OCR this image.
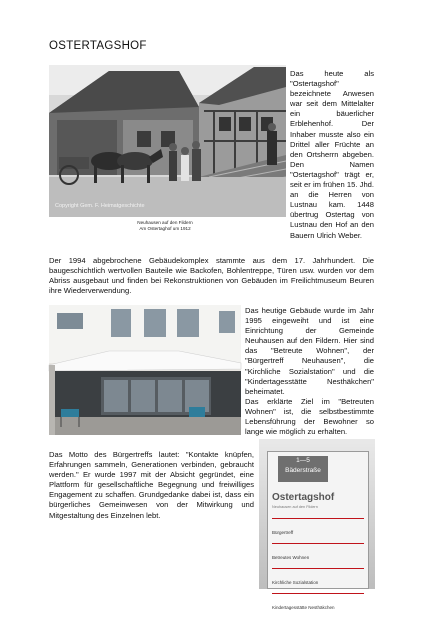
OSTERTAGSHOF
Copyright Gem. F. Heimatgeschichte
Neuhausen auf den Fildern
Am Ostertaghof um 1912

Das heute als "Ostertagshof" bezeichnete Anwesen war seit dem Mittelalter ein bäuerlicher Erblehenhof. Der Inhaber musste also ein Drittel aller Früchte an den Ortsherrn abgeben. Den Namen "Ostertagshof" trägt er, seit er im frühen 15. Jhd. an die Herren von Lustnau kam. 1448 übertrug Ostertag von Lustnau den Hof an den Bauern Ulrich Weber.

Der 1994 abgebrochene Gebäudekomplex stammte aus dem 17. Jahrhundert. Die baugeschichtlich wertvollen Bauteile wie Backofen, Bohlentreppe, Türen usw. wurden vor dem Abriss ausgebaut und finden bei Rekonstruktionen von Gebäuden im Freilichtmuseum Beuren ihre Wiederverwendung.

Das heutige Gebäude wurde im Jahr 1995 eingeweiht und ist eine Einrichtung der Gemeinde Neuhausen auf den Fildern. Hier sind das "Betreute Wohnen", der "Bürgertreff Neuhausen", die "Kirchliche Sozialstation" und die "Kindertagesstätte Nesthäkchen" beheimatet.

Das erklärte Ziel im "Betreuten Wohnen" ist, die selbstbestimmte Lebensführung der Bewohner so lange wie möglich zu erhalten.

Das Motto des Bürgertreffs lautet: "Kontakte knüpfen, Erfahrungen sammeln, Generationen verbinden, gebraucht werden." Er wurde 1997 mit der Absicht gegründet, eine Plattform für gesellschaftliche Begegnung und freiwilliges Engagement zu schaffen. Grundgedanke dabei ist, dass ein bürgerliches Gemeinwesen von der Mitwirkung und Mitgestaltung des Einzelnen lebt.

1—5
Bäderstraße
Ostertagshof
Neuhausen auf den Fildern
Bürgertreff
Betreutes Wohnen
Kirchliche Sozialstation
Kindertagesstätte Nesthäkchen
